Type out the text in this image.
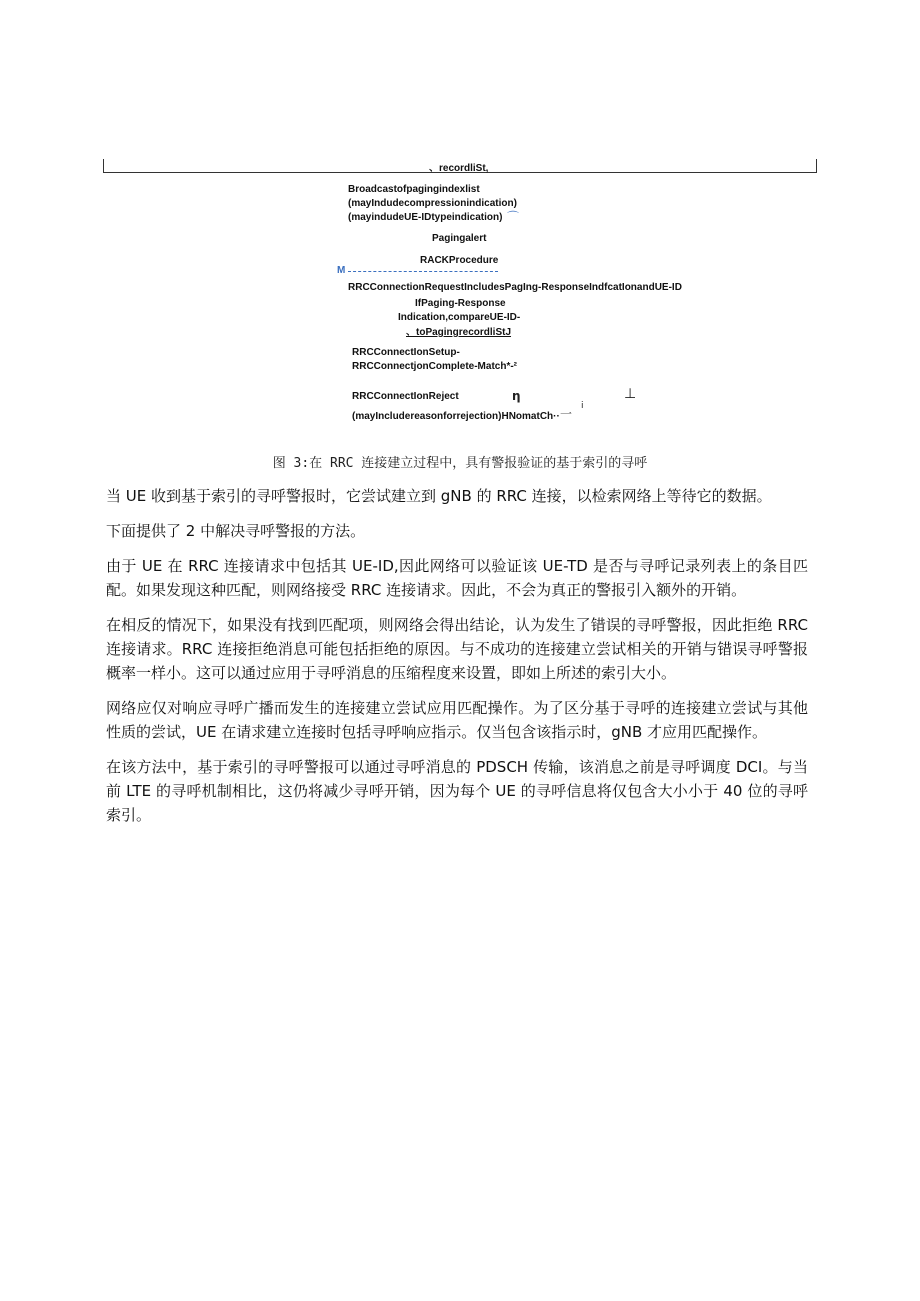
、recordliSt,
Broadcastofpagingindexlist
(mayIndudecompressionindication)
(mayindudeUE-IDtypeindication) ⌒
Pagingalert
RACKProcedure
M
RRCConnectionRequestIncludesPagIng-ResponseIndfcatIonandUE-ID
IfPaging-Response
Indication,compareUE-ID-
、toPagingrecordliStJ
RRCConnectIonSetup-
RRCConnectjonComplete-Match*-²
RRCConnectIonReject	η	⊥
(mayIncludereasonforrejection)HNomatCh·· 一
i
图 3:在 RRC 连接建立过程中，具有警报验证的基于索引的寻呼

当 UE 收到基于索引的寻呼警报时，它尝试建立到 gNB 的 RRC 连接，以检索网络上等待它的数据。

下面提供了 2 中解决寻呼警报的方法。

由于 UE 在 RRC 连接请求中包括其 UE-ID,因此网络可以验证该 UE-TD 是否与寻呼记录列表上的条目匹配。如果发现这种匹配，则网络接受 RRC 连接请求。因此，不会为真正的警报引入额外的开销。

在相反的情况下，如果没有找到匹配项，则网络会得出结论，认为发生了错误的寻呼警报，因此拒绝 RRC 连接请求。RRC 连接拒绝消息可能包括拒绝的原因。与不成功的连接建立尝试相关的开销与错误寻呼警报概率一样小。这可以通过应用于寻呼消息的压缩程度来设置，即如上所述的索引大小。

网络应仅对响应寻呼广播而发生的连接建立尝试应用匹配操作。为了区分基于寻呼的连接建立尝试与其他性质的尝试，UE 在请求建立连接时包括寻呼响应指示。仅当包含该指示时，gNB 才应用匹配操作。

在该方法中，基于索引的寻呼警报可以通过寻呼消息的 PDSCH 传输，该消息之前是寻呼调度 DCI。与当前 LTE 的寻呼机制相比，这仍将减少寻呼开销，因为每个 UE 的寻呼信息将仅包含大小小于 40 位的寻呼索引。
